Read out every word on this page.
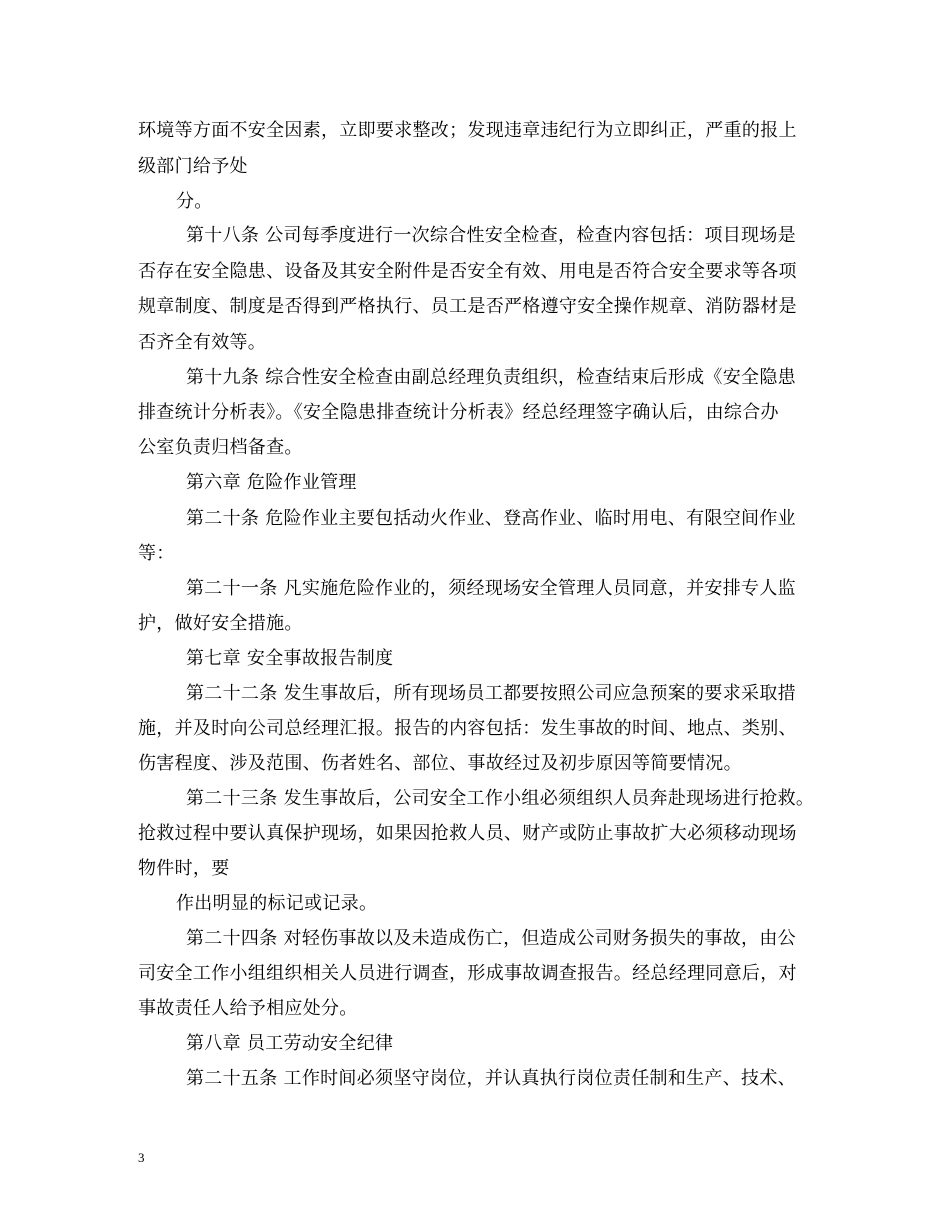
环境等方面不安全因素，立即要求整改；发现违章违纪行为立即纠正，严重的报上
级部门给予处
分。
第十八条 公司每季度进行一次综合性安全检查，检查内容包括：项目现场是
否存在安全隐患、设备及其安全附件是否安全有效、用电是否符合安全要求等各项
规章制度、制度是否得到严格执行、员工是否严格遵守安全操作规章、消防器材是
否齐全有效等。
第十九条 综合性安全检查由副总经理负责组织，检查结束后形成《安全隐患
排查统计分析表》。《安全隐患排查统计分析表》经总经理签字确认后，由综合办
公室负责归档备查。
第六章 危险作业管理
第二十条 危险作业主要包括动火作业、登高作业、临时用电、有限空间作业
等：
第二十一条 凡实施危险作业的，须经现场安全管理人员同意，并安排专人监
护，做好安全措施。
第七章 安全事故报告制度
第二十二条 发生事故后，所有现场员工都要按照公司应急预案的要求采取措
施，并及时向公司总经理汇报。报告的内容包括：发生事故的时间、地点、类别、
伤害程度、涉及范围、伤者姓名、部位、事故经过及初步原因等简要情况。
第二十三条 发生事故后，公司安全工作小组必须组织人员奔赴现场进行抢救。
抢救过程中要认真保护现场，如果因抢救人员、财产或防止事故扩大必须移动现场
物件时，要
作出明显的标记或记录。
第二十四条 对轻伤事故以及未造成伤亡，但造成公司财务损失的事故，由公
司安全工作小组组织相关人员进行调查，形成事故调查报告。经总经理同意后，对
事故责任人给予相应处分。
第八章 员工劳动安全纪律
第二十五条 工作时间必须坚守岗位，并认真执行岗位责任制和生产、技术、
3
